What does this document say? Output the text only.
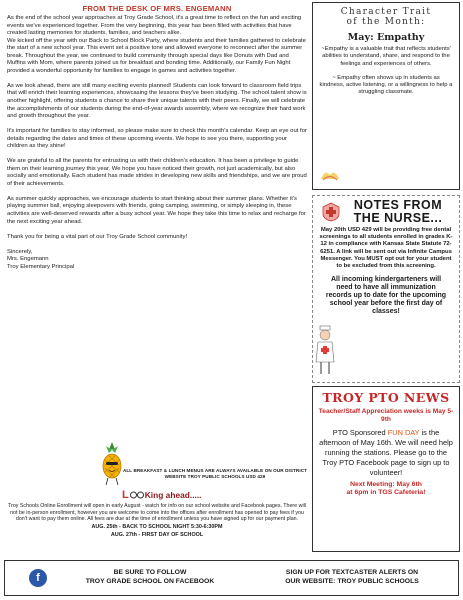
FROM THE DESK OF MRS. ENGEMANN

As the end of the school year approaches at Troy Grade School, it's a great time to reflect on the fun and exciting events we've experienced together. From the very beginning, this year has been filled with activities that have created lasting memories for students, families, and teachers alike.

We kicked off the year with our Back to School Block Party, where students and their families gathered to celebrate the start of a new school year. This event set a positive tone and allowed everyone to reconnect after the summer break. Throughout the year, we continued to build community through special days like Donuts with Dad and Muffins with Mom, where parents joined us for breakfast and bonding time. Additionally, our Family Fun Night provided a wonderful opportunity for families to engage in games and activities together.

As we look ahead, there are still many exciting events planned! Students can look forward to classroom field trips that will enrich their learning experiences, showcasing the lessons they've been studying. The school talent show is another highlight, offering students a chance to share their unique talents with their peers. Finally, we will celebrate the accomplishments of our students during the end-of-year awards assembly, where we recognize their hard work and growth throughout the year.

It's important for families to stay informed, so please make sure to check this month's calendar. Keep an eye out for details regarding the dates and times of these upcoming events. We hope to see you there, supporting your children as they shine!

We are grateful to all the parents for entrusting us with their children's education. It has been a privilege to guide them on their learning journey this year. We hope you have noticed their growth, not just academically, but also socially and emotionally. Each student has made strides in developing new skills and friendships, and we are proud of their achievements.

As summer quickly approaches, we encourage students to start thinking about their summer plans. Whether it's playing summer ball, enjoying sleepovers with friends, going camping, swimming, or simply sleeping in, these activities are well-deserved rewards after a busy school year. We hope they take this time to relax and recharge for the next exciting year ahead.

Thank you for being a vital part of our Troy Grade School community!

Sincerely,
Mrs. Engemann
Troy Elementary Principal
ALL BREAKFAST & LUNCH MENUS ARE ALWAYS AVAILABLE ON OUR DISTRICT WEBSITE TROY PUBLIC SCHOOLS USD 429
Character Trait
of the Month:
May: Empathy
~Empathy is a valuable trait that reflects students' abilities to understand, share, and respond to the feelings and experiences of others.
~ Empathy often shows up in students as kindness, active listening, or a willingness to help a struggling classmate.
NOTES FROM
THE NURSE...
May 20th USD 429 will be providing free dental screenings to all students enrolled in grades K-12 in compliance with Kansas State Statute 72-6251. A link will be sent out via Infinite Campus Messenger. You MUST opt out for your student to be excluded from this screening.
All incoming kindergarteners will need to have all immunization records up to date for the upcoming school year before the first day of classes!
TROY PTO NEWS
Teacher/Staff Appreciation weeks is May 5- 9th
PTO Sponsored FUN DAY is the afternoon of May 16th. We will need help running the stations. Please go to the Troy PTO Facebook page to sign up to volunteer!
Next Meeting: May 6th
at 6pm in TGS Cafeteria!
L King ahead.....
Troy Schools Online Enrollment will open in early August - watch for info on our school website and Facebook pages. There will not be in-person enrollment, however you are welcome to come into the offices after enrollment has opened to pay fees if you don't want to pay them online. All fees are due at the time of enrollment unless you have signed up for our payment plan.
AUG. 25th - BACK TO SCHOOL NIGHT 5:30-6:30PM
AUG. 27th - FIRST DAY OF SCHOOL
f	BE SURE TO FOLLOW
TROY GRADE SCHOOL ON FACEBOOK
SIGN UP FOR TEXTCASTER ALERTS ON
OUR WEBSITE: TROY PUBLIC SCHOOLS
